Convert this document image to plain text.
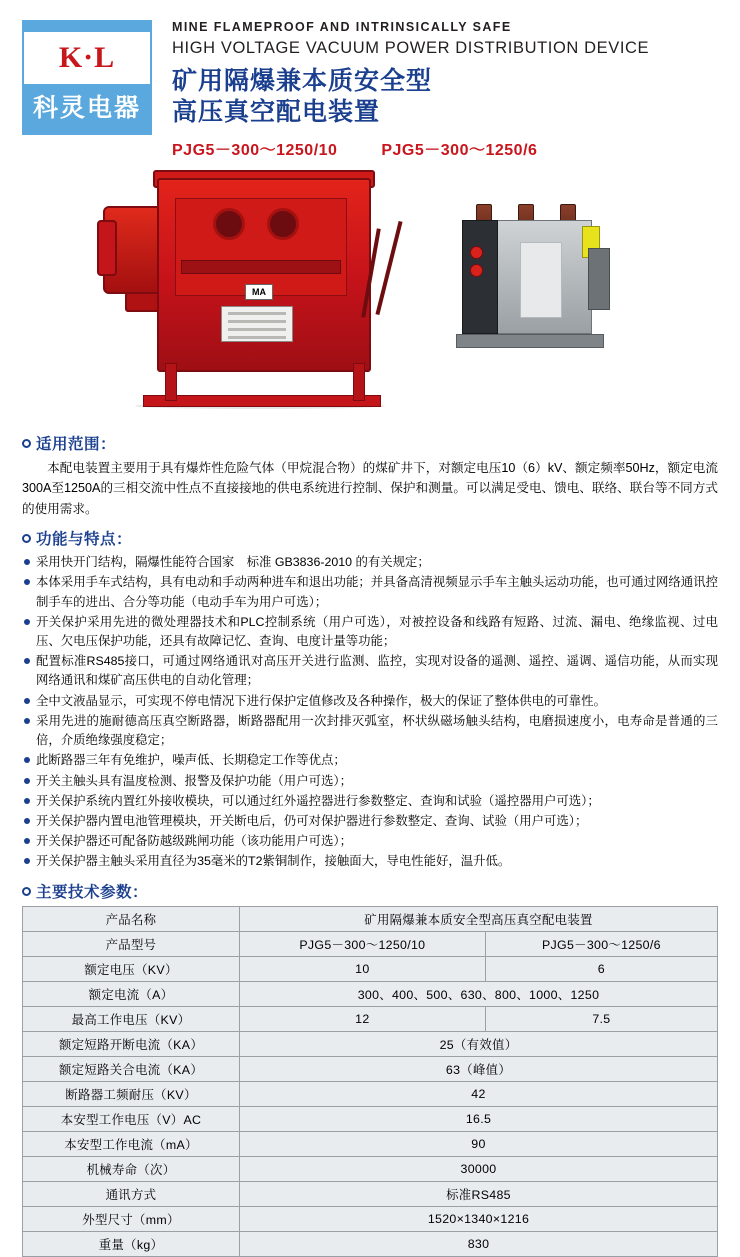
K·L
科灵电器
MINE FLAMEPROOF AND INTRINSICALLY SAFE
HIGH VOLTAGE VACUUM POWER DISTRIBUTION DEVICE
矿用隔爆兼本质安全型
高压真空配电装置
PJG5－300～1250/10	PJG5－300～1250/6
MA
适用范围：

本配电装置主要用于具有爆炸性危险气体（甲烷混合物）的煤矿井下，对额定电压10（6）kV、额定频率50Hz，额定电流300A至1250A的三相交流中性点不直接接地的供电系统进行控制、保护和测量。可以满足受电、馈电、联络、联台等不同方式的使用需求。

功能与特点：
采用快开门结构，隔爆性能符合国家　标准 GB3836-2010 的有关规定；
本体采用手车式结构，具有电动和手动两种进车和退出功能；并具备高清视频显示手车主触头运动功能，也可通过网络通讯控制手车的进出、合分等功能（电动手车为用户可选）；
开关保护采用先进的微处理器技术和PLC控制系统（用户可选），对被控设备和线路有短路、过流、漏电、绝缘监视、过电压、欠电压保护功能，还具有故障记忆、查询、电度计量等功能；
配置标准RS485接口，可通过网络通讯对高压开关进行监测、监控，实现对设备的遥测、遥控、遥调、遥信功能，从而实现网络通讯和煤矿高压供电的自动化管理；
全中文液晶显示，可实现不停电情况下进行保护定值修改及各种操作，极大的保证了整体供电的可靠性。
采用先进的施耐德高压真空断路器，断路器配用一次封排灭弧室，杯状纵磁场触头结构，电磨损速度小，电寿命是普通的三倍，介质绝缘强度稳定；
此断路器三年有免维护，噪声低、长期稳定工作等优点；
开关主触头具有温度检测、报警及保护功能（用户可选）；
开关保护系统内置红外接收模块，可以通过红外遥控器进行参数整定、查询和试验（遥控器用户可选）；
开关保护器内置电池管理模块，开关断电后，仍可对保护器进行参数整定、查询、试验（用户可选）；
开关保护器还可配备防越级跳闸功能（该功能用户可选）；
开关保护器主触头采用直径为35毫米的T2紫铜制作，接触面大，导电性能好，温升低。
主要技术参数：
产品名称	矿用隔爆兼本质安全型高压真空配电装置	
产品型号	PJG5－300～1250/10	PJG5－300～1250/6
额定电压（KV）	10	6
额定电流（A）	300、400、500、630、800、1000、1250	
最高工作电压（KV）	12	7.5
额定短路开断电流（KA）	25（有效值）	
额定短路关合电流（KA）	63（峰值）	
断路器工频耐压（KV）	42	
本安型工作电压（V）AC	16.5	
本安型工作电流（mA）	90	
机械寿命（次）	30000	
通讯方式	标准RS485	
外型尺寸（mm）	1520×1340×1216	
重量（kg）	830	
